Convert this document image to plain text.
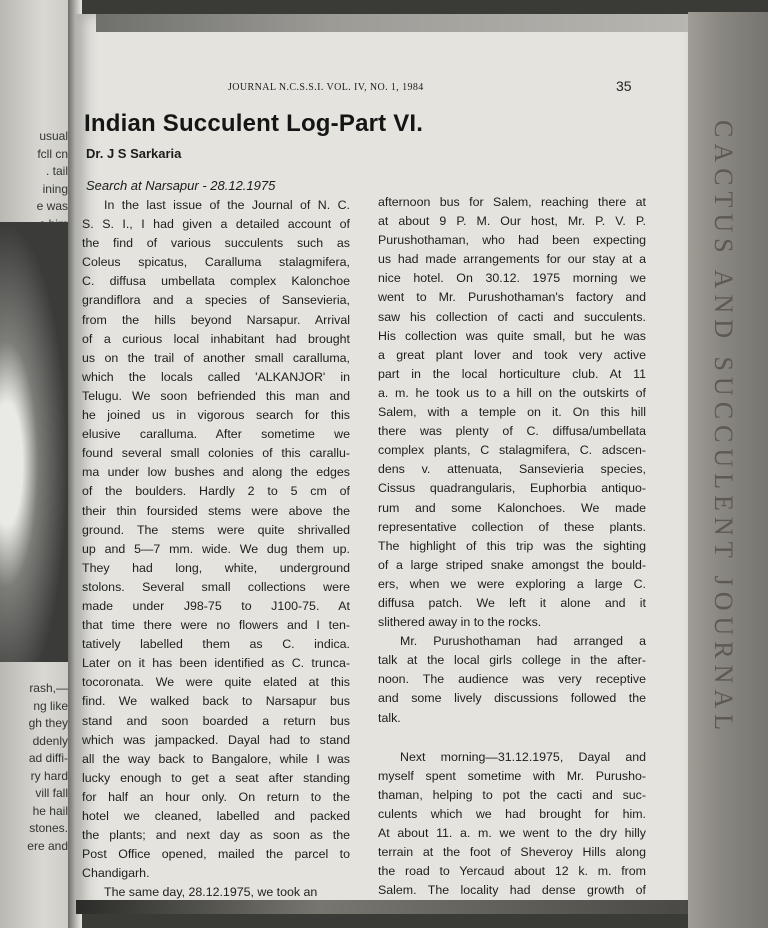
usual
fcll cn
. tail
ining
e was
rash,—
ng like
gh they
ddenly
ad diffi-
ry hard
vill fall
he hail
stones.
ere and
CACTUS AND SUCCULENT JOURNAL
JOURNAL N.C.S.S.I. VOL. IV, NO. 1, 1984	35
Indian Succulent Log-Part VI.
Dr. J S Sarkaria
Search at Narsapur - 28.12.1975
In the last issue of the Journal of N. C.
S. S. I., I had given a detailed account of
the find of various succulents such as
Coleus spicatus, Caralluma stalagmifera,
C. diffusa umbellata complex Kalonchoe
grandiflora and a species of Sansevieria,
from the hills beyond Narsapur. Arrival
of a curious local inhabitant had brought
us on the trail of another small caralluma,
which the locals called 'ALKANJOR' in
Telugu. We soon befriended this man and
he joined us in vigorous search for this
elusive caralluma. After sometime we
found several small colonies of this carallu-
ma under low bushes and along the edges
of the boulders. Hardly 2 to 5 cm of
their thin foursided stems were above the
ground. The stems were quite shrivalled
up and 5—7 mm. wide. We dug them up.
They had long, white, underground
stolons. Several small collections were
made under J98-75 to J100-75. At
that time there were no flowers and I ten-
tatively labelled them as C. indica.
Later on it has been identified as C. trunca-
tocoronata. We were quite elated at this
find. We walked back to Narsapur bus
stand and soon boarded a return bus
which was jampacked. Dayal had to stand
all the way back to Bangalore, while I was
lucky enough to get a seat after standing
for half an hour only. On return to the
hotel we cleaned, labelled and packed
the plants; and next day as soon as the
Post Office opened, mailed the parcel to
Chandigarh.
The same day, 28.12.1975, we took an
afternoon bus for Salem, reaching there at
at about 9 P. M. Our host, Mr. P. V. P.
Purushothaman, who had been expecting
us had made arrangements for our stay at a
nice hotel. On 30.12. 1975 morning we
went to Mr. Purushothaman's factory and
saw his collection of cacti and succulents.
His collection was quite small, but he was
a great plant lover and took very active
part in the local horticulture club. At 11
a. m. he took us to a hill on the outskirts of
Salem, with a temple on it. On this hill
there was plenty of C. diffusa/umbellata
complex plants, C stalagmifera, C. adscen-
dens v. attenuata, Sansevieria species,
Cissus quadrangularis, Euphorbia antiquo-
rum and some Kalonchoes. We made
representative collection of these plants.
The highlight of this trip was the sighting
of a large striped snake amongst the bould-
ers, when we were exploring a large C.
diffusa patch. We left it alone and it
slithered away in to the rocks.
Mr. Purushothaman had arranged a
talk at the local girls college in the after-
noon. The audience was very receptive
and some lively discussions followed the
talk.
Next morning—31.12.1975, Dayal and
myself spent sometime with Mr. Purusho-
thaman, helping to pot the cacti and suc-
culents which we had brought for him.
At about 11. a. m. we went to the dry hilly
terrain at the foot of Sheveroy Hills along
the road to Yercaud about 12 k. m. from
Salem. The locality had dense growth of
